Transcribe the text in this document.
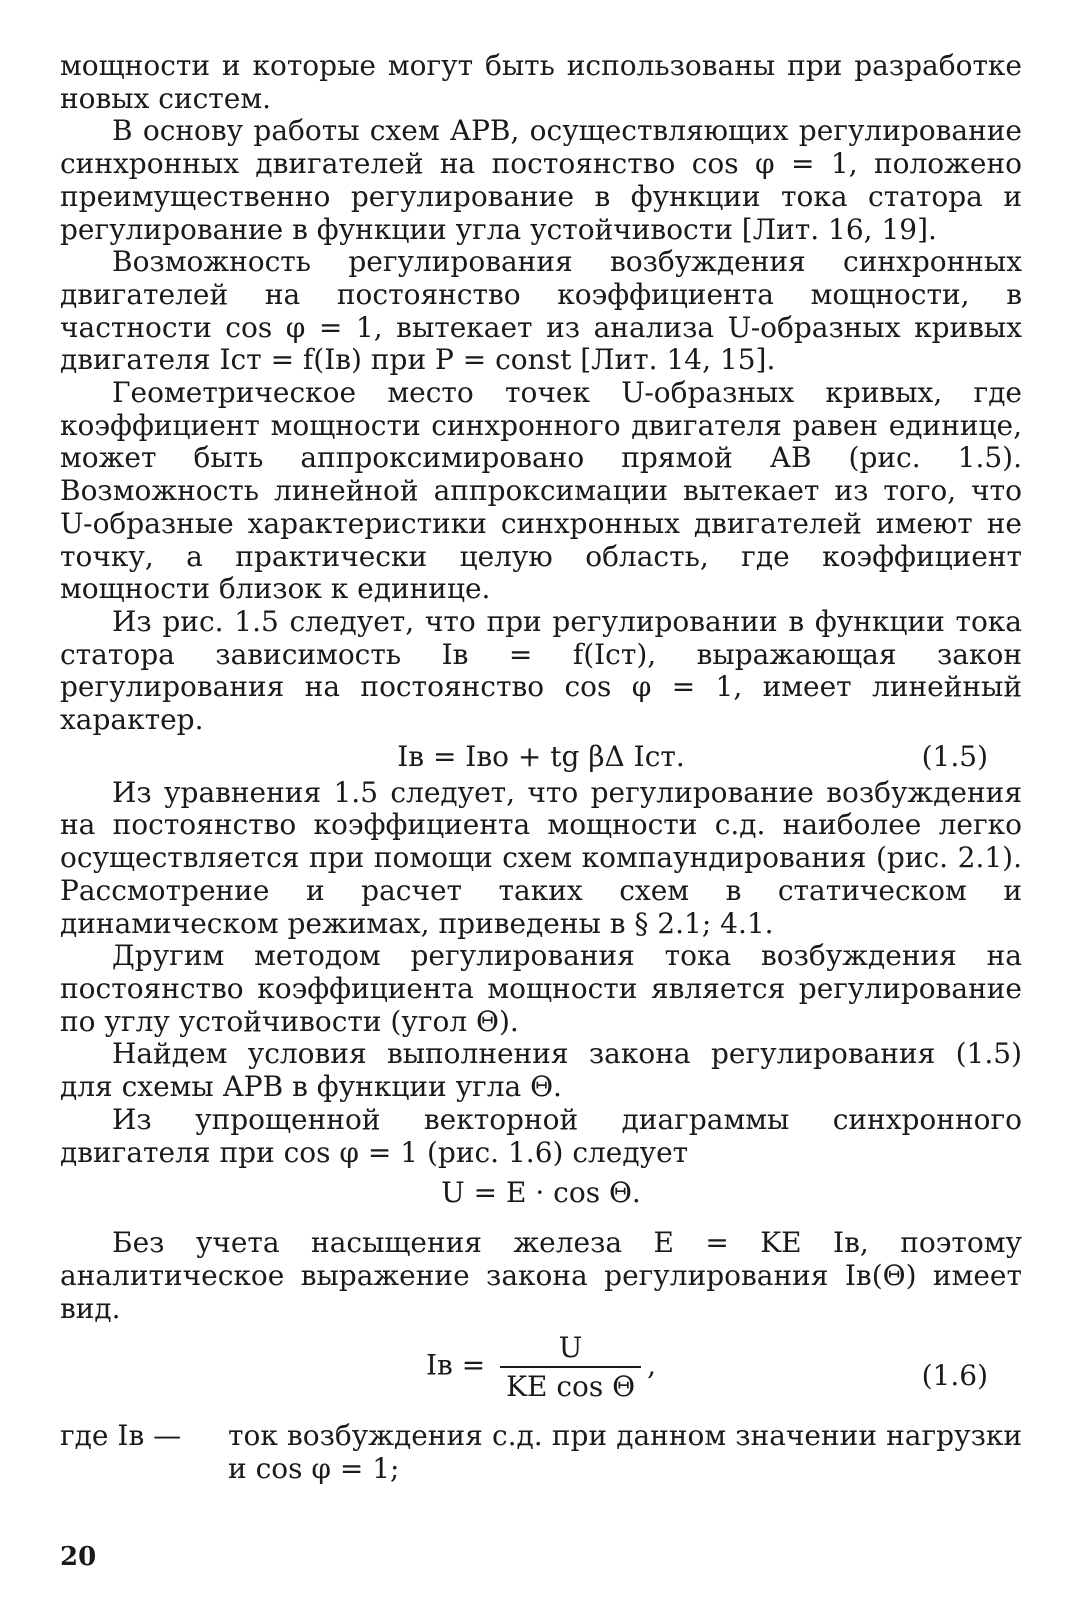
мощности и которые могут быть использованы при разработке новых систем.

В основу работы схем АРВ, осуществляющих регулирование синхронных двигателей на постоянство cos φ = 1, положено преимущественно регулирование в функции тока статора и регулирование в функции угла устойчивости [Лит. 16, 19].

Возможность регулирования возбуждения синхронных двигателей на постоянство коэффициента мощности, в частности cos φ = 1, вытекает из анализа U-образных кривых двигателя Iст = f(Iв) при P = const [Лит. 14, 15].

Геометрическое место точек U-образных кривых, где коэффициент мощности синхронного двигателя равен единице, может быть аппроксимировано прямой АВ (рис. 1.5). Возможность линейной аппроксимации вытекает из того, что U-образные характеристики синхронных двигателей имеют не точку, а практически целую область, где коэффициент мощности близок к единице.

Из рис. 1.5 следует, что при регулировании в функции тока статора зависимость Iв = f(Iст), выражающая закон регулирования на постоянство cos φ = 1, имеет линейный характер.

Iв = Iво + tg βΔ Iст.	(1.5)

Из уравнения 1.5 следует, что регулирование возбуждения на постоянство коэффициента мощности с.д. наиболее легко осуществляется при помощи схем компаундирования (рис. 2.1). Рассмотрение и расчет таких схем в статическом и динамическом режимах, приведены в § 2.1; 4.1.

Другим методом регулирования тока возбуждения на постоянство коэффициента мощности является регулирование по углу устойчивости (угол Θ).

Найдем условия выполнения закона регулирования (1.5) для схемы АРВ в функции угла Θ.

Из упрощенной векторной диаграммы синхронного двигателя при cos φ = 1 (рис. 1.6) следует

U = E · cos Θ.

Без учета насыщения железа E = KE Iв, поэтому аналитическое выражение закона регулирования Iв(Θ) имеет вид.

Iв = $\frac{U}{\text{KE cos Θ}}$ ,	(1.6)
где Iв —	ток возбуждения с.д. при данном значении нагрузки и cos φ = 1;
20
